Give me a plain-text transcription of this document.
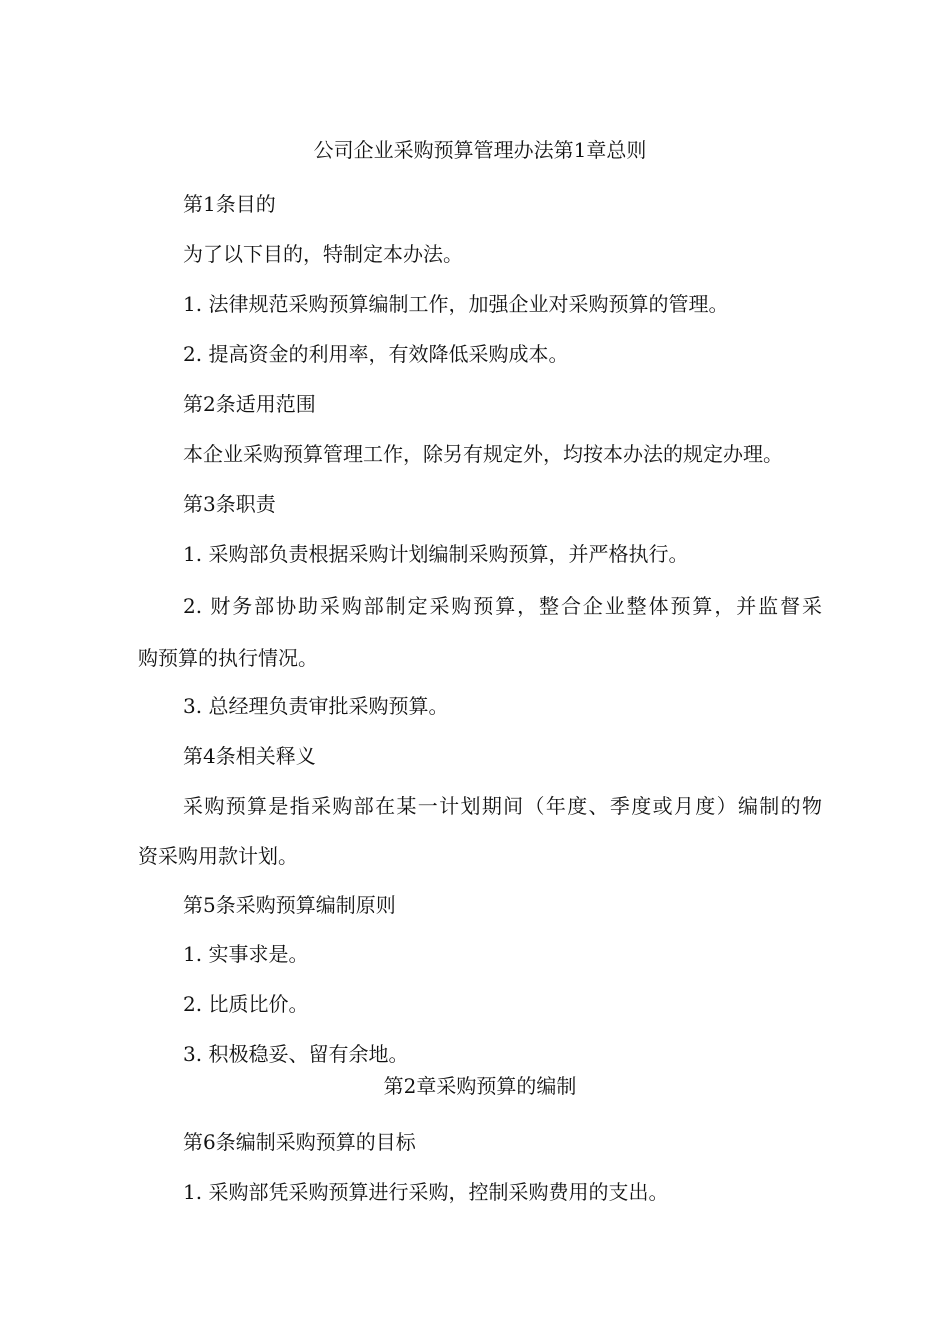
公司企业采购预算管理办法第1章总则
第1条目的
为了以下目的，特制定本办法。
1. 法律规范采购预算编制工作，加强企业对采购预算的管理。
2. 提高资金的利用率，有效降低采购成本。
第2条适用范围
本企业采购预算管理工作，除另有规定外，均按本办法的规定办理。
第3条职责
1. 采购部负责根据采购计划编制采购预算，并严格执行。
2. 财务部协助采购部制定采购预算，整合企业整体预算，并监督采
购预算的执行情况。
3. 总经理负责审批采购预算。
第4条相关释义
采购预算是指采购部在某一计划期间（年度、季度或月度）编制的物
资采购用款计划。
第5条采购预算编制原则
1. 实事求是。
2. 比质比价。
3. 积极稳妥、留有余地。
第2章采购预算的编制
第6条编制采购预算的目标
1. 采购部凭采购预算进行采购，控制采购费用的支出。
